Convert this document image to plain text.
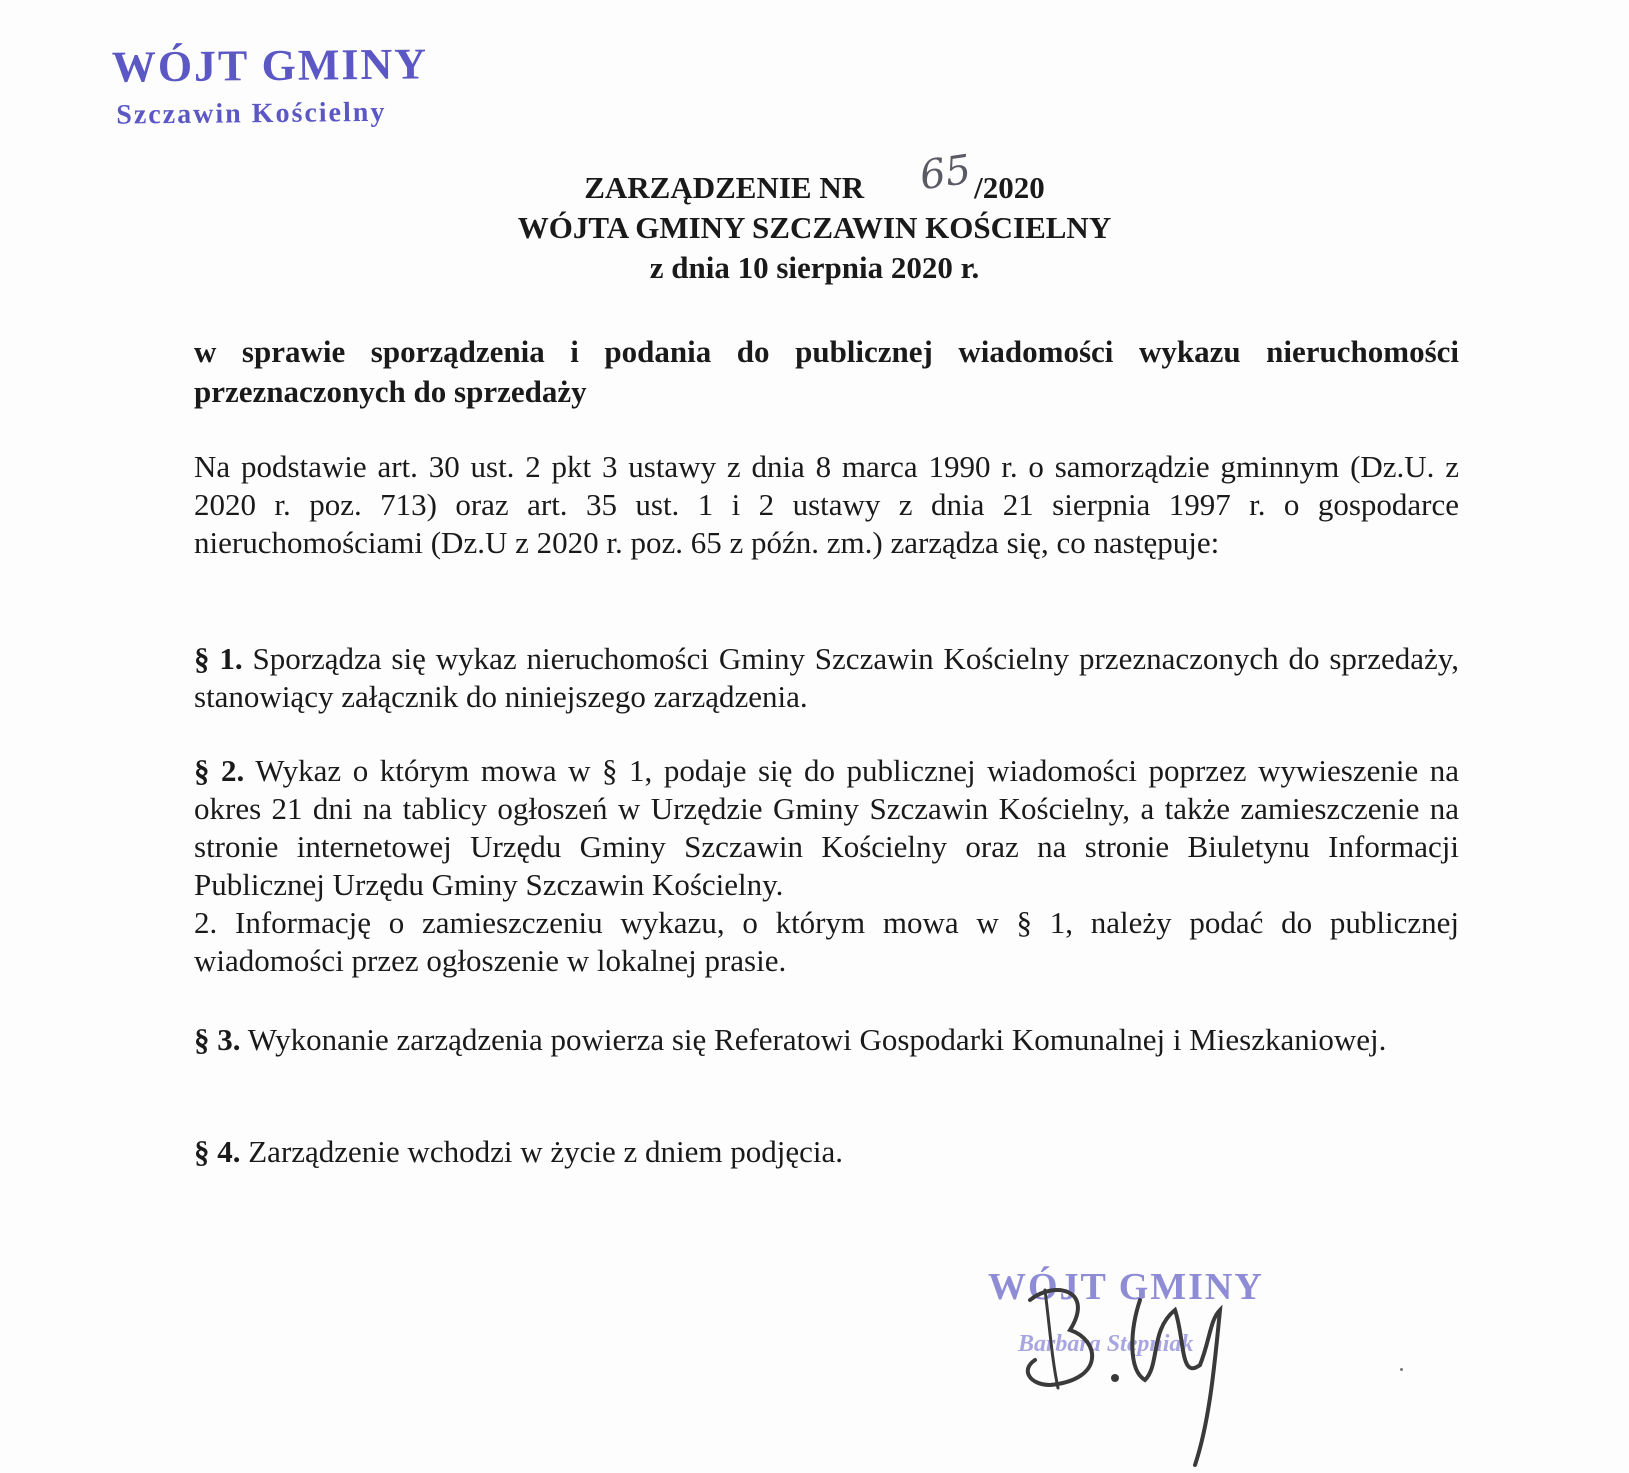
WÓJT GMINY
Szczawin Kościelny
ZARZĄDZENIE NR	/2020
WÓJTA GMINY SZCZAWIN KOŚCIELNY
z dnia 10 sierpnia 2020 r.
65
w sprawie sporządzenia i podania do publicznej wiadomości wykazu nieruchomości przeznaczonych do sprzedaży
Na podstawie art. 30 ust. 2 pkt 3 ustawy z dnia 8 marca 1990 r. o samorządzie gminnym (Dz.U. z 2020 r. poz. 713) oraz art. 35 ust. 1 i 2 ustawy z dnia 21 sierpnia 1997 r. o gospodarce nieruchomościami (Dz.U z 2020 r. poz. 65 z późn. zm.) zarządza się, co następuje:
§ 1. Sporządza się wykaz nieruchomości Gminy Szczawin Kościelny przeznaczonych do sprzedaży, stanowiący załącznik do niniejszego zarządzenia.
§ 2. Wykaz o którym mowa w § 1, podaje się do publicznej wiadomości poprzez wywieszenie na okres 21 dni na tablicy ogłoszeń w Urzędzie Gminy Szczawin Kościelny, a także zamieszczenie na stronie internetowej Urzędu Gminy Szczawin Kościelny oraz na stronie Biuletynu Informacji Publicznej Urzędu Gminy Szczawin Kościelny.
2. Informację o zamieszczeniu wykazu, o którym mowa w § 1, należy podać do publicznej wiadomości przez ogłoszenie w lokalnej prasie.
§ 3. Wykonanie zarządzenia powierza się Referatowi Gospodarki Komunalnej i Mieszkaniowej.
§ 4. Zarządzenie wchodzi w życie z dniem podjęcia.
WÓJT GMINY
Barbara Stępniak
